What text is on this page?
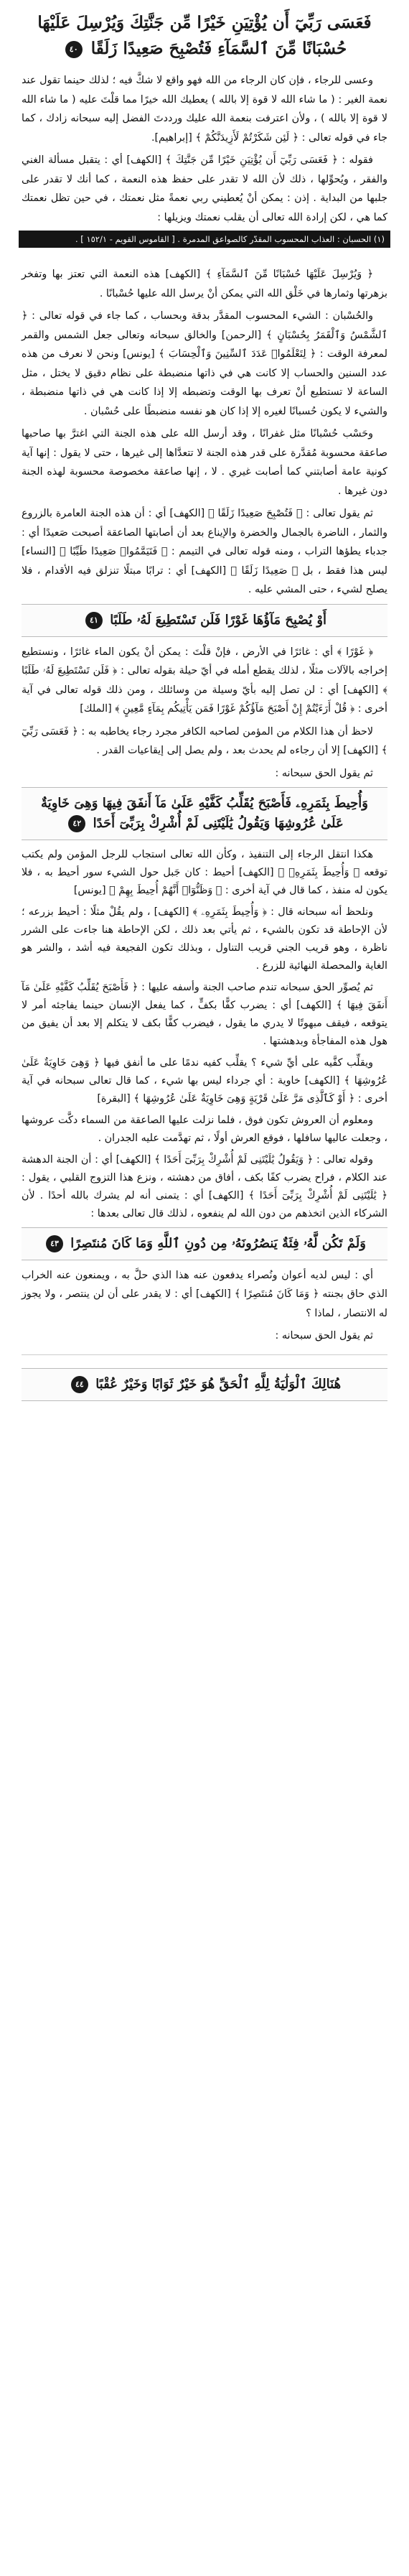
فَعَسَى رَبِّيٓ أَن يُؤْتِيَنِ خَيْرًا مِّن جَنَّتِكَ وَيُرْسِلَ عَلَيْهَا حُسْبَانًا مِّنَ ٱلسَّمَآءِ فَتُصْبِحَ صَعِيدًا زَلَقًا ٤٠

وعسى للرجاء ، فإن كان الرجاء من الله فهو واقع لا شكَّ فيه ؛ لذلك حينما تقول عند نعمة الغير : ( ما شاء الله لا قوة إلا بالله ) يعطيك الله خيرًا مما قلْتَ عليه ( ما شاء الله لا قوة إلا بالله ) ، ولأن اعترفت بنعمة الله عليك ورددتَ الفضل إليه سبحانه زادك ، كما جاء في قوله تعالى : ﴿ لَئِن شَكَرْتُمْ لَأَزِيدَنَّكُمْ ﴾ [إبراهيم].

فقوله : ﴿ فَعَسَى رَبِّيٓ أَن يُؤْتِيَنِ خَيْرًا مِّن جَنَّتِكَ ﴾ [الكهف] أي : يتقبل مسألة الغني والفقر ، ويُحوِّلها ، ذلك لأن الله لا تقدر على حفظ هذه النعمة ، كما أنك لا تقدر على جلبها من البداية . إذن : يمكن أنْ يُعطيني ربي نعمةً مثل نعمتك ، في حين تظل نعمتك كما هي ، لكن إرادة الله تعالى أن يقلب نعمتك ويزيلها :

(١) الحسبان : العذاب المحسوب المقدّر كالصواعق المدمرة . [ القاموس القويم - ١٥٢/١ ] .

﴿ وَيُرْسِلَ عَلَيْهَا حُسْبَانًا مِّنَ ٱلسَّمَآءِ ﴾ [الكهف] هذه النعمة التي تعتز بها وتفخر بزهرتها وثمارها في خَلْق الله التي يمكن أنْ يرسل الله عليها حُسْبانًا .

والحُسْبان : الشيء المحسوب المقدَّر بدقة وبحساب ، كما جاء في قوله تعالى : ﴿ ٱلشَّمْسُ وَٱلْقَمَرُ بِحُسْبَانٍ ﴾ [الرحمن] والخالق سبحانه وتعالى جعل الشمس والقمر لمعرفة الوقت : ﴿ لِتَعْلَمُوا۟ عَدَدَ ٱلسِّنِينَ وَٱلْحِسَابَ ﴾ [يونس] ونحن لا نعرف من هذه عدد السنين والحساب إلا كانت هي في ذاتها منضبطة على نظام دقيق لا يختل ، مثل الساعة لا تستطيع أنْ تعرف بها الوقت وتضبطه إلا إذا كانت هي في ذاتها منضبطة ، والشيء لا يكون حُسبانًا لغيره إلا إذا كان هو نفسه منضبطًا على حُسْبان .

وحَسْب حُسْبانًا مثل غفرانًا ، وقد أرسل الله على هذه الجنة التي اغترَّ بها صاحبها صاعقة محسوبة مُقدَّرة على قدر هذه الجنة لا تتعدَّاها إلى غيرها ، حتى لا يقول : إنها آية كونية عامة أصابتني كما أصابت غيري . لا ، إنها صاعقة مخصوصة محسوبة لهذه الجنة دون غيرها .

ثم يقول تعالى : ﴿ فَتُصْبِحَ صَعِيدًا زَلَقًا ﴾ [الكهف] أي : أن هذه الجنة العامرة بالزروع والثمار ، الناضرة بالجمال والخضرة والإيناع بعد أن أصابتها الصاعقة أصبحت صَعيدًا أي : جدباء يطؤها التراب ، ومنه قوله تعالى في التيمم : ﴿ فَتَيَمَّمُوا۟ صَعِيدًا طَيِّبًا ﴾ [النساء] ليس هذا فقط ، بل ﴿ صَعِيدًا زَلَقًا ﴾ [الكهف] أي : ترابًا مبتلًا تنزلق فيه الأقدام ، فلا يصلح لشيء ، حتى المشي عليه .

أَوْ يُصْبِحَ مَآؤُهَا غَوْرًا فَلَن تَسْتَطِيعَ لَهُۥ طَلَبًا ٤١

﴿ غَوْرًا ﴾ أي : غائرًا في الأرض ، فإنْ قلْتَ : يمكن أنْ يكون الماء غائرًا ، ونستطيع إخراجه بالآلات مثلًا ، لذلك يقطع أمله في أيّ حيلة بقوله تعالى : ﴿ فَلَن تَسْتَطِيعَ لَهُۥ طَلَبًا ﴾ [الكهف] أي : لن تصل إليه بأيّ وسيلة من وسائلك ، ومن ذلك قوله تعالى في آية أخرى : ﴿ قُلْ أَرَءَيْتُمْ إِنْ أَصْبَحَ مَآؤُكُمْ غَوْرًا فَمَن يَأْتِيكُم بِمَآءٍ مَّعِينٍ ﴾ [الملك]

لاحظ أن هذا الكلام من المؤمن لصاحبه الكافر مجرد رجاء يخاطبه به : ﴿ فَعَسَى رَبِّيٓ ﴾ [الكهف] إلا أن رجاءه لم يحدث بعد ، ولم يصل إلى إيقاعيات القدر .

ثم يقول الحق سبحانه :

وَأُحِيطَ بِثَمَرِهِۦ فَأَصْبَحَ يُقَلِّبُ كَفَّيْهِ عَلَىٰ مَآ أَنفَقَ فِيهَا وَهِىَ خَاوِيَةٌ عَلَىٰ عُرُوشِهَا وَيَقُولُ يَٰلَيْتَنِى لَمْ أُشْرِكْ بِرَبِّىٓ أَحَدًا ٤٢

هكذا انتقل الرجاء إلى التنفيذ ، وكأن الله تعالى استجاب للرجل المؤمن ولم يكتب توقعه ﴿ وَأُحِيطَ بِثَمَرِهِۦ ﴾ [الكهف] أحيط : كان جَبل حول الشيء سور أحيط به ، فلا يكون له منفذ ، كما قال في آية أخرى : ﴿ وَظَنُّوٓا۟ أَنَّهُمْ أُحِيطَ بِهِمْ ﴾ [يونس]

ونلحظ أنه سبحانه قال : ﴿ وَأُحِيطَ بِثَمَرِهِۦ ﴾ [الكهف] ، ولم يقُلْ مثلًا : أحيط بزرعه ؛ لأن الإحاطة قد تكون بالشيء ، ثم يأتي بعد ذلك ، لكن الإحاطة هنا جاءت على الشرر ناظرة ، وهو قريب الجني قريب التناول ، وبذلك تكون الفجيعة فيه أشد ، والشر هو الغاية والمحصلة النهائية للزرع .

ثم يُصوِّر الحق سبحانه تندم صاحب الجنة وأسفه عليها : ﴿ فَأَصْبَحَ يُقَلِّبُ كَفَّيْهِ عَلَىٰ مَآ أَنفَقَ فِيهَا ﴾ [الكهف] أي : يضرب كفًّا بكفٍّ ، كما يفعل الإنسان حينما يفاجئه أمر لا يتوقعه ، فيقف مبهوتًا لا يدري ما يقول ، فيضرب كفًّا بكف لا يتكلم إلا بعد أن يفيق من هول هذه المفاجأة وبدهشتها .

ويقلِّب كفَّيه على أيِّ شيء ؟ يقلِّب كفيه ندمًا على ما أنفق فيها ﴿ وَهِىَ خَاوِيَةٌ عَلَىٰ عُرُوشِهَا ﴾ [الكهف] خاوية : أي جرداء ليس بها شيء ، كما قال تعالى سبحانه في آية أخرى : ﴿ أَوْ كَٱلَّذِى مَرَّ عَلَىٰ قَرْيَةٍ وَهِىَ خَاوِيَةٌ عَلَىٰ عُرُوشِهَا ﴾ [البقرة]

ومعلوم أن العروش تكون فوق ، فلما نزلت عليها الصاعقة من السماء دكَّت عروشها ، وجعلت عاليها سافلها ، فوقع العرش أولًا ، ثم تهدَّمت عليه الجدران .

وقوله تعالى : ﴿ وَيَقُولُ يَٰلَيْتَنِى لَمْ أُشْرِكْ بِرَبِّىٓ أَحَدًا ﴾ [الكهف] أي : أن الجنة الدهشة عند الكلام ، فراح يضرب كفًا بكف ، أفاق من دهشته ، ونزع هذا التزوج القلبي ، يقول : ﴿ يَٰلَيْتَنِى لَمْ أُشْرِكْ بِرَبِّىٓ أَحَدًا ﴾ [الكهف] أي : يتمنى أنه لم يشرك بالله أحدًا . لأن الشركاء الذين اتخذهم من دون الله لم ينفعوه ، لذلك قال تعالى بعدها :

وَلَمْ تَكُن لَّهُۥ فِئَةٌ يَنصُرُونَهُۥ مِن دُونِ ٱللَّهِ وَمَا كَانَ مُنتَصِرًا ٤٣

أي : ليس لديه أعوان ونُصراء يدفعون عنه هذا الذي حلَّ به ، ويمنعون عنه الخراب الذي حاق بجنته ﴿ وَمَا كَانَ مُنتَصِرًا ﴾ [الكهف] أي : لا يقدر على أن لن ينتصر ، ولا يجوز له الانتصار ، لماذا ؟

ثم يقول الحق سبحانه :

هُنَالِكَ ٱلْوَلَٰيَةُ لِلَّهِ ٱلْحَقِّ هُوَ خَيْرٌ ثَوَابًا وَخَيْرٌ عُقْبًا ٤٤
